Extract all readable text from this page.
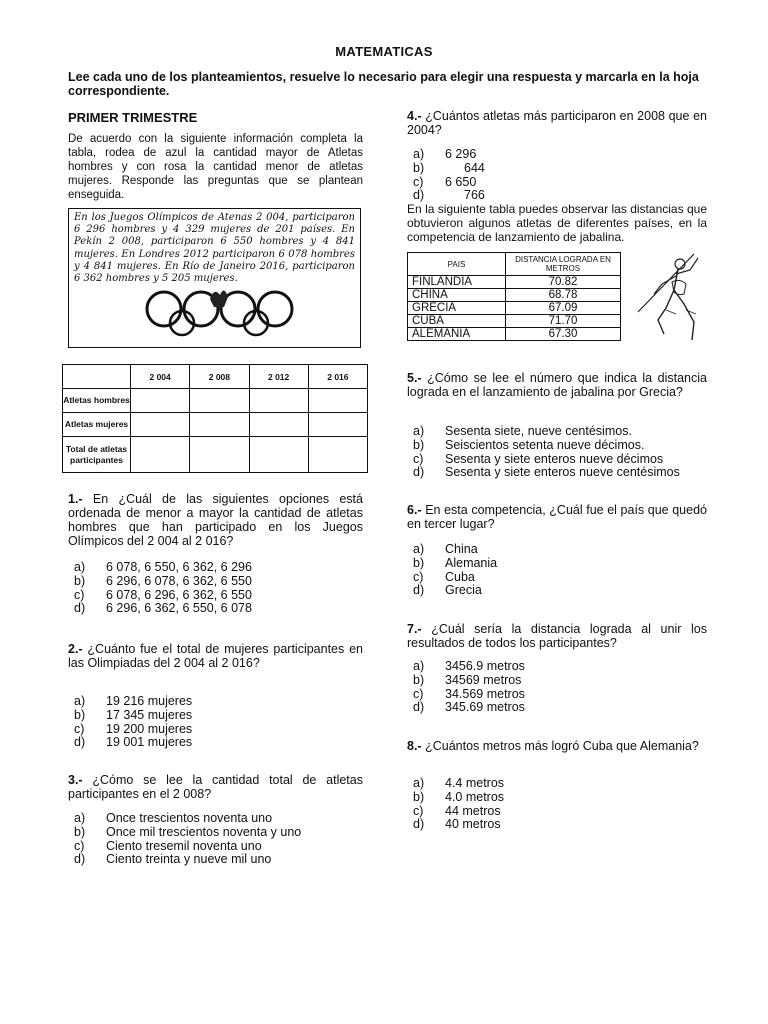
MATEMATICAS
Lee cada uno de los planteamientos, resuelve lo necesario para elegir una respuesta y marcarla en la hoja correspondiente.
PRIMER TRIMESTRE
De acuerdo con la siguiente información completa la tabla, rodea de azul la cantidad mayor de Atletas hombres y con rosa la cantidad menor de atletas mujeres. Responde las preguntas que se plantean enseguida.
En los Juegos Olímpicos de Atenas 2 004, participaron 6 296 hombres y 4 329 mujeres de 201 países. En Pekín 2 008, participaron 6 550 hombres y 4 841 mujeres. En Londres 2012 participaron 6 078 hombres y 4 841 mujeres. En Río de Janeiro 2016, participaron 6 362 hombres y 5 205 mujeres.
	2 004	2 008	2 012	2 016
Atletas hombres				
Atletas mujeres				
Total de atletas participantes				
1.- En ¿Cuál de las siguientes opciones está ordenada de menor a mayor la cantidad de atletas hombres que han participado en los Juegos Olímpicos del 2 004 al 2 016?
a)	6 078, 6 550, 6 362, 6 296
b)	6 296, 6 078, 6 362, 6 550
c)	6 078, 6 296, 6 362, 6 550
d)	6 296, 6 362, 6 550, 6 078
2.- ¿Cuánto fue el total de mujeres participantes en las Olimpiadas del 2 004 al 2 016?
a)	19 216 mujeres
b)	17 345 mujeres
c)	19 200 mujeres
d)	19 001 mujeres
3.- ¿Cómo se lee la cantidad total de atletas participantes en el 2 008?
a)	Once trescientos noventa uno
b)	Once mil trescientos noventa y uno
c)	Ciento tresemil noventa uno
d)	Ciento treinta y nueve mil uno
4.- ¿Cuántos atletas más participaron en 2008 que en 2004?
a)	6 296
b)	644
c)	6 650
d)	766
En la siguiente tabla puedes observar las distancias que obtuvieron algunos atletas de diferentes países, en la competencia de lanzamiento de jabalina.
PAIS	DISTANCIA LOGRADA EN METROS
FINLANDIA	70.82
CHINA	68.78
GRECIA	67.09
CUBA	71.70
ALEMANIA	67.30
5.- ¿Cómo se lee el número que indica la distancia lograda en el lanzamiento de jabalina por Grecia?
a)	Sesenta siete, nueve centésimos.
b)	Seiscientos setenta nueve décimos.
c)	Sesenta y siete enteros nueve décimos
d)	Sesenta y siete enteros nueve centésimos
6.- En esta competencia, ¿Cuál fue el país que quedó en tercer lugar?
a)	China
b)	Alemania
c)	Cuba
d)	Grecia
7.- ¿Cuál sería la distancia lograda al unir los resultados de todos los participantes?
a)	3456.9 metros
b)	34569 metros
c)	34.569 metros
d)	345.69 metros
8.- ¿Cuántos metros más logró Cuba que Alemania?
a)	4.4 metros
b)	4.0 metros
c)	44 metros
d)	40 metros
